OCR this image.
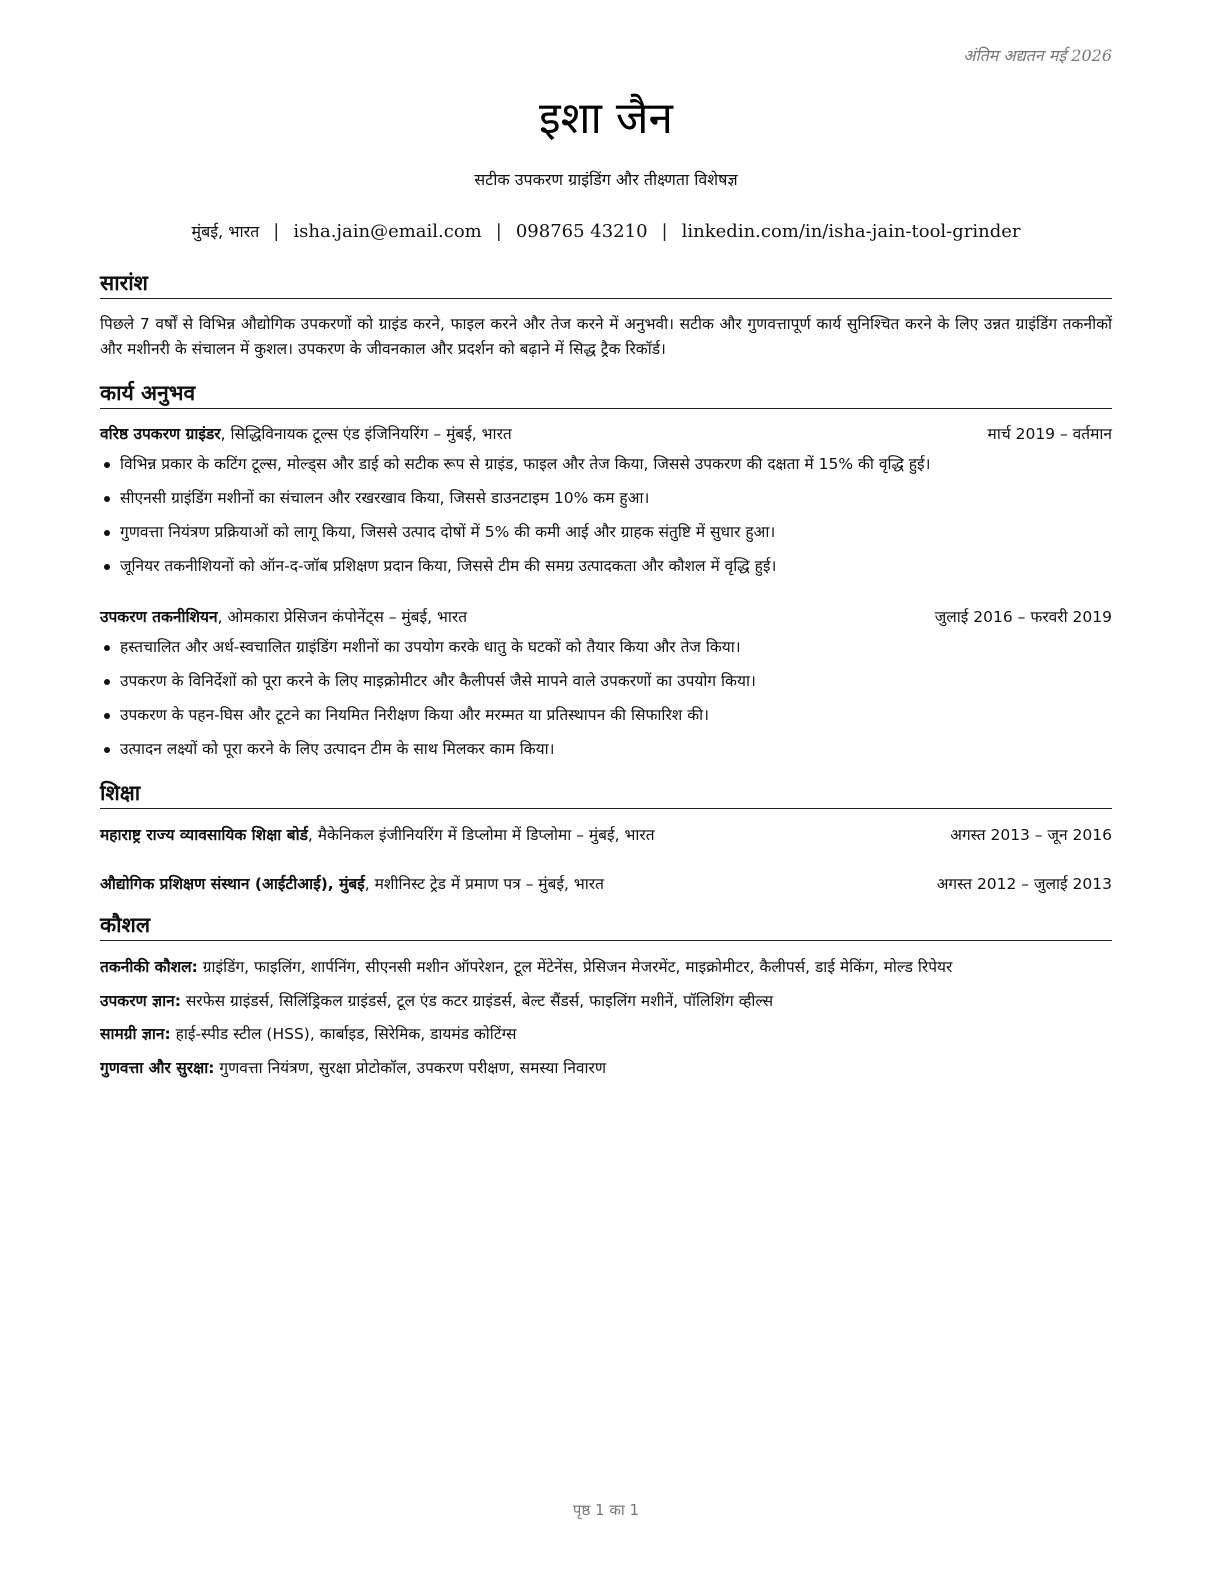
अंतिम अद्यतन मई 2026
इशा जैन
सटीक उपकरण ग्राइंडिंग और तीक्ष्णता विशेषज्ञ
मुंबई, भारत | isha.jain@email.com | 098765 43210 | linkedin.com/in/isha-jain-tool-grinder
सारांश

पिछले 7 वर्षों से विभिन्न औद्योगिक उपकरणों को ग्राइंड करने, फाइल करने और तेज करने में अनुभवी। सटीक और गुणवत्तापूर्ण कार्य सुनिश्चित करने के लिए उन्नत ग्राइंडिंग तकनीकों और मशीनरी के संचालन में कुशल। उपकरण के जीवनकाल और प्रदर्शन को बढ़ाने में सिद्ध ट्रैक रिकॉर्ड।

कार्य अनुभव
वरिष्ठ उपकरण ग्राइंडर, सिद्धिविनायक टूल्स एंड इंजिनियरिंग – मुंबई, भारत	मार्च 2019 – वर्तमान
विभिन्न प्रकार के कटिंग टूल्स, मोल्ड्स और डाई को सटीक रूप से ग्राइंड, फाइल और तेज किया, जिससे उपकरण की दक्षता में 15% की वृद्धि हुई।
सीएनसी ग्राइंडिंग मशीनों का संचालन और रखरखाव किया, जिससे डाउनटाइम 10% कम हुआ।
गुणवत्ता नियंत्रण प्रक्रियाओं को लागू किया, जिससे उत्पाद दोषों में 5% की कमी आई और ग्राहक संतुष्टि में सुधार हुआ।
जूनियर तकनीशियनों को ऑन-द-जॉब प्रशिक्षण प्रदान किया, जिससे टीम की समग्र उत्पादकता और कौशल में वृद्धि हुई।
उपकरण तकनीशियन, ओमकारा प्रेसिजन कंपोनेंट्स – मुंबई, भारत	जुलाई 2016 – फरवरी 2019
हस्तचालित और अर्ध-स्वचालित ग्राइंडिंग मशीनों का उपयोग करके धातु के घटकों को तैयार किया और तेज किया।
उपकरण के विनिर्देशों को पूरा करने के लिए माइक्रोमीटर और कैलीपर्स जैसे मापने वाले उपकरणों का उपयोग किया।
उपकरण के पहन-घिस और टूटने का नियमित निरीक्षण किया और मरम्मत या प्रतिस्थापन की सिफारिश की।
उत्पादन लक्ष्यों को पूरा करने के लिए उत्पादन टीम के साथ मिलकर काम किया।
शिक्षा
महाराष्ट्र राज्य व्यावसायिक शिक्षा बोर्ड, मैकेनिकल इंजीनियरिंग में डिप्लोमा में डिप्लोमा – मुंबई, भारत	अगस्त 2013 – जून 2016
औद्योगिक प्रशिक्षण संस्थान (आईटीआई), मुंबई, मशीनिस्ट ट्रेड में प्रमाण पत्र – मुंबई, भारत	अगस्त 2012 – जुलाई 2013
कौशल
तकनीकी कौशल: ग्राइंडिंग, फाइलिंग, शार्पनिंग, सीएनसी मशीन ऑपरेशन, टूल मेंटेनेंस, प्रेसिजन मेजरमेंट, माइक्रोमीटर, कैलीपर्स, डाई मेकिंग, मोल्ड रिपेयर
उपकरण ज्ञान: सरफेस ग्राइंडर्स, सिलिंड्रिकल ग्राइंडर्स, टूल एंड कटर ग्राइंडर्स, बेल्ट सैंडर्स, फाइलिंग मशीनें, पॉलिशिंग व्हील्स
सामग्री ज्ञान: हाई-स्पीड स्टील (HSS), कार्बाइड, सिरेमिक, डायमंड कोटिंग्स
गुणवत्ता और सुरक्षा: गुणवत्ता नियंत्रण, सुरक्षा प्रोटोकॉल, उपकरण परीक्षण, समस्या निवारण
पृष्ठ 1 का 1
